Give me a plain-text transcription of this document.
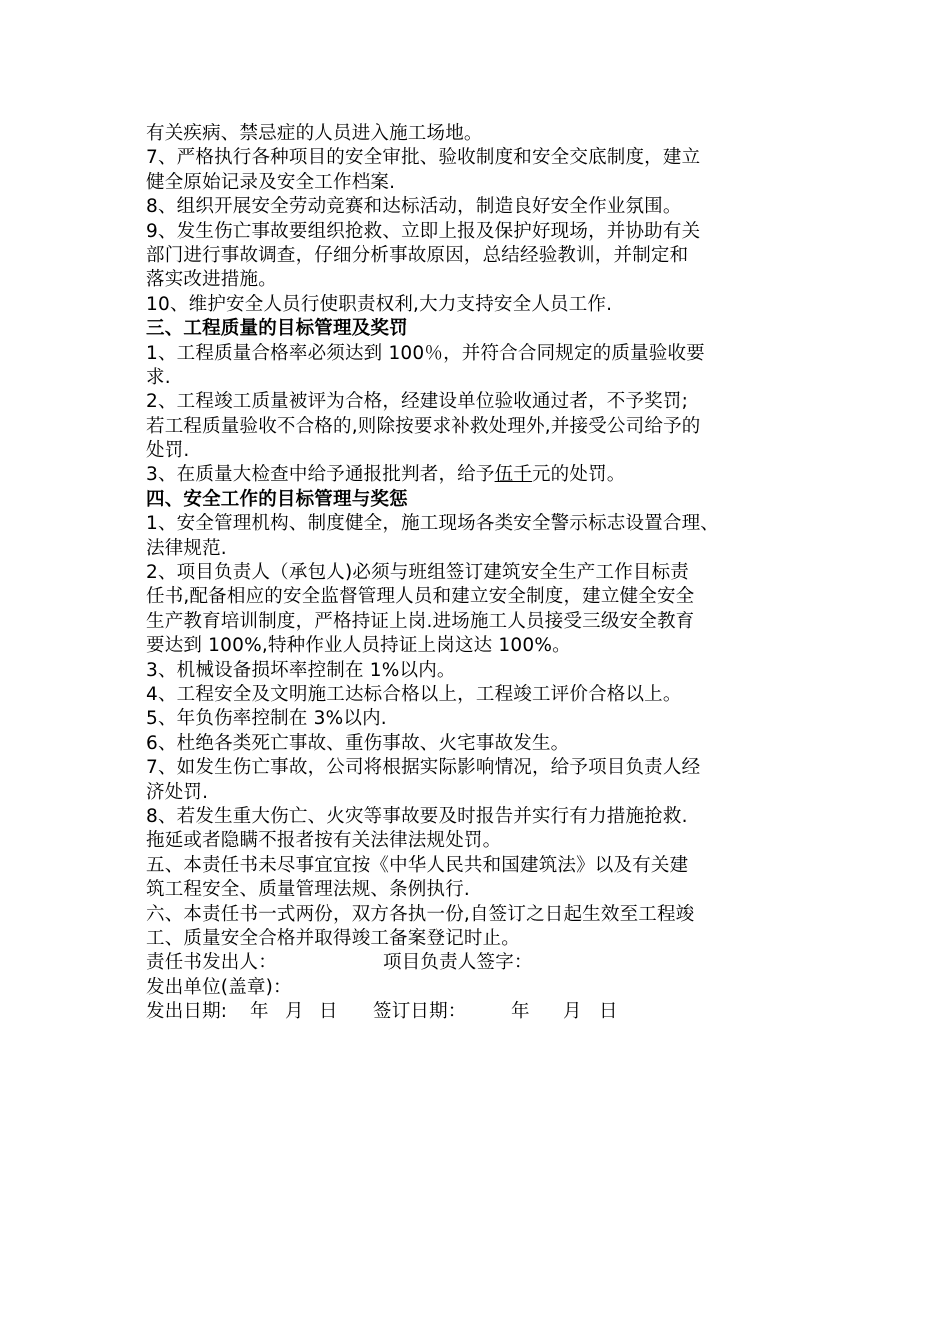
有关疾病、禁忌症的人员进入施工场地。
7、严格执行各种项目的安全审批、验收制度和安全交底制度，建立
健全原始记录及安全工作档案.
8、组织开展安全劳动竞赛和达标活动，制造良好安全作业氛围。
9、发生伤亡事故要组织抢救、立即上报及保护好现场，并协助有关
部门进行事故调查，仔细分析事故原因，总结经验教训，并制定和
落实改进措施。
10、维护安全人员行使职责权利,大力支持安全人员工作.
三、工程质量的目标管理及奖罚
1、工程质量合格率必须达到 100％，并符合合同规定的质量验收要
求.
2、工程竣工质量被评为合格，经建设单位验收通过者，不予奖罚;
若工程质量验收不合格的,则除按要求补救处理外,并接受公司给予的
处罚.
3、在质量大检查中给予通报批判者，给予伍千元的处罚。
四、安全工作的目标管理与奖惩
1、安全管理机构、制度健全，施工现场各类安全警示标志设置合理、
法律规范.
2、项目负责人（承包人)必须与班组签订建筑安全生产工作目标责
任书,配备相应的安全监督管理人员和建立安全制度，建立健全安全
生产教育培训制度，严格持证上岗.进场施工人员接受三级安全教育
要达到 100%,特种作业人员持证上岗这达 100%。
3、机械设备损坏率控制在 1%以内。
4、工程安全及文明施工达标合格以上，工程竣工评价合格以上。
5、年负伤率控制在 3%以内.
6、杜绝各类死亡事故、重伤事故、火宅事故发生。
7、如发生伤亡事故，公司将根据实际影响情况，给予项目负责人经
济处罚.
8、若发生重大伤亡、火灾等事故要及时报告并实行有力措施抢救.
拖延或者隐瞒不报者按有关法律法规处罚。
五、本责任书未尽事宜宜按《中华人民共和国建筑法》以及有关建
筑工程安全、质量管理法规、条例执行.
六、本责任书一式两份，双方各执一份,自签订之日起生效至工程竣
工、质量安全合格并取得竣工备案登记时止。
责任书发出人：	项目负责人签字：
发出单位(盖章)：
发出日期: 年 月 日 签订日期： 年 月 日
